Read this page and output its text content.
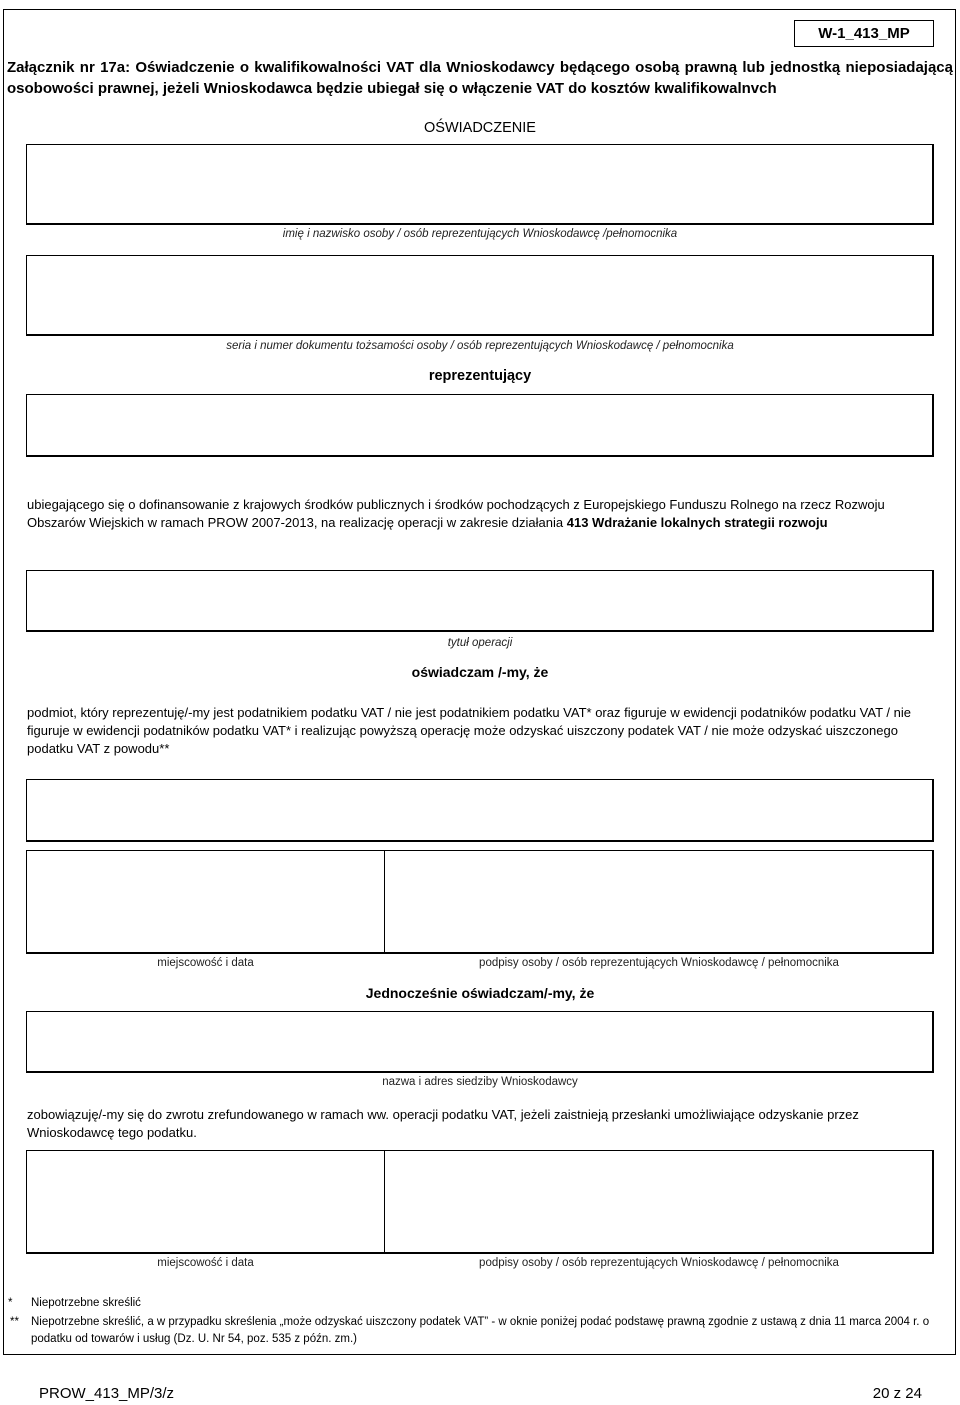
W-1_413_MP
Załącznik nr 17a: Oświadczenie o kwalifikowalności VAT dla Wnioskodawcy będącego osobą prawną lub jednostką nieposiadającą osobowości prawnej, jeżeli Wnioskodawca będzie ubiegał się o włączenie VAT do kosztów kwalifikowalnvch
OŚWIADCZENIE
imię i nazwisko osoby / osób reprezentujących Wnioskodawcę /pełnomocnika
seria i numer dokumentu tożsamości osoby / osób reprezentujących Wnioskodawcę / pełnomocnika
reprezentujący
ubiegającego się o dofinansowanie z krajowych środków publicznych i środków pochodzących z Europejskiego Funduszu Rolnego na rzecz Rozwoju Obszarów Wiejskich w ramach PROW 2007-2013, na realizację operacji w zakresie działania 413 Wdrażanie lokalnych strategii rozwoju
tytuł operacji
oświadczam /-my, że
podmiot, który reprezentuję/-my jest podatnikiem podatku VAT / nie jest podatnikiem podatku VAT* oraz figuruje w ewidencji podatników podatku VAT / nie figuruje w ewidencji podatników podatku VAT* i realizując powyższą operację może odzyskać uiszczony podatek VAT / nie może odzyskać uiszczonego podatku VAT z powodu**
miejscowość i data	podpisy osoby / osób reprezentujących Wnioskodawcę / pełnomocnika
Jednocześnie oświadczam/-my, że
nazwa i adres siedziby Wnioskodawcy
zobowiązuję/-my się do zwrotu zrefundowanego w ramach ww. operacji podatku VAT, jeżeli zaistnieją przesłanki umożliwiające odzyskanie przez Wnioskodawcę tego podatku.
miejscowość i data	podpisy osoby / osób reprezentujących Wnioskodawcę / pełnomocnika
*	Niepotrzebne skreślić
**	Niepotrzebne skreślić, a w przypadku skreślenia „może odzyskać uiszczony podatek VAT” - w oknie poniżej podać podstawę prawną zgodnie z ustawą z dnia 11 marca 2004 r. o podatku od towarów i usług (Dz. U. Nr 54, poz. 535 z późn. zm.)
PROW_413_MP/3/z	20 z 24
